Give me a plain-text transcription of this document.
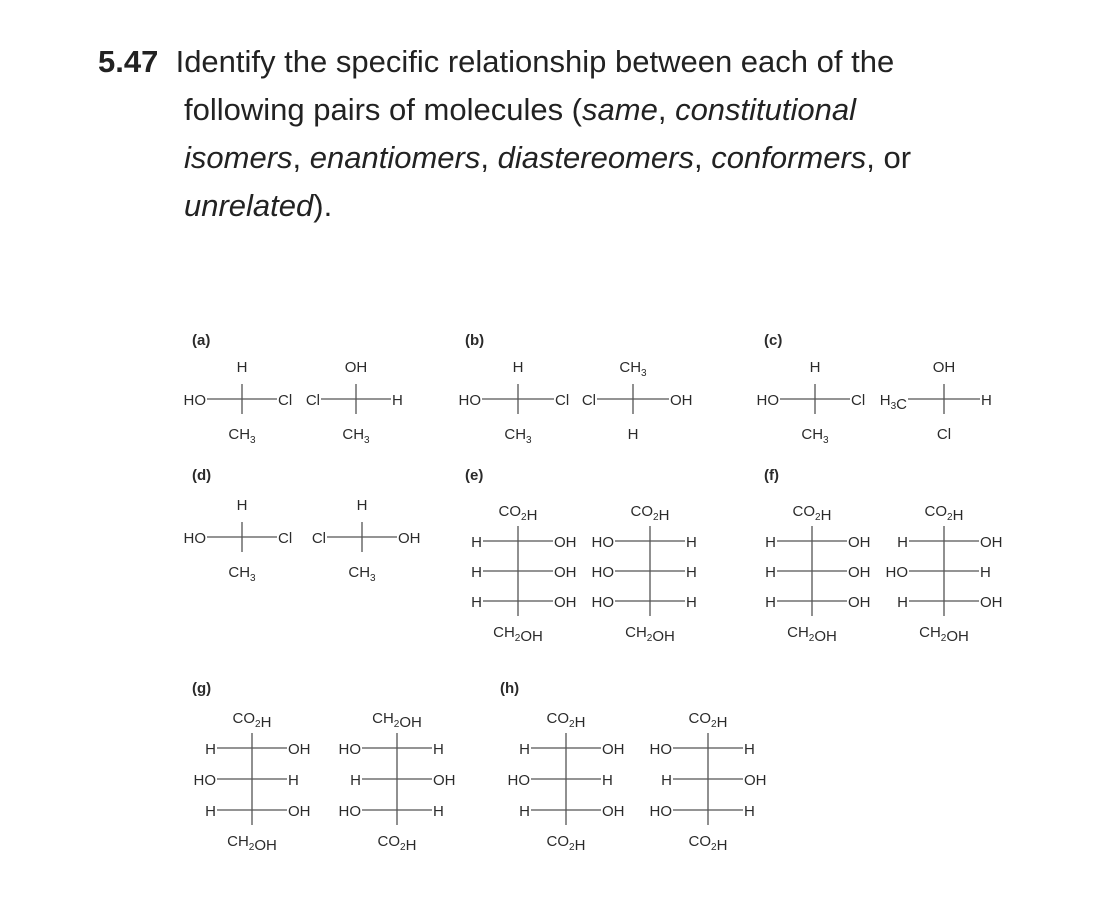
5.47 Identify the specific relationship between each of the
following pairs of molecules (same, constitutional
isomers, enantiomers, diastereomers, conformers, or
unrelated).
(a)
HO	Cl
H
$CH_3$
Cl	H
OH
$CH_3$
(b)
HO	Cl
H
$CH_3$
Cl	OH
$CH_3$
H
(c)
HO	Cl
H
$CH_3$
$H_3C$	H
OH
Cl
(d)
HO	Cl
H
$CH_3$
Cl	OH
H
$CH_3$
(e)
H	OH
H	OH
H	OH
$CO_2H$
$CH_2OH$
HO	H
HO	H
HO	H
$CO_2H$
$CH_2OH$
(f)
H	OH
H	OH
H	OH
$CO_2H$
$CH_2OH$
H	OH
HO	H
H	OH
$CO_2H$
$CH_2OH$
(g)
H	OH
HO	H
H	OH
$CO_2H$
$CH_2OH$
HO	H
H	OH
HO	H
$CH_2OH$
$CO_2H$
(h)
H	OH
HO	H
H	OH
$CO_2H$
$CO_2H$
HO	H
H	OH
HO	H
$CO_2H$
$CO_2H$
